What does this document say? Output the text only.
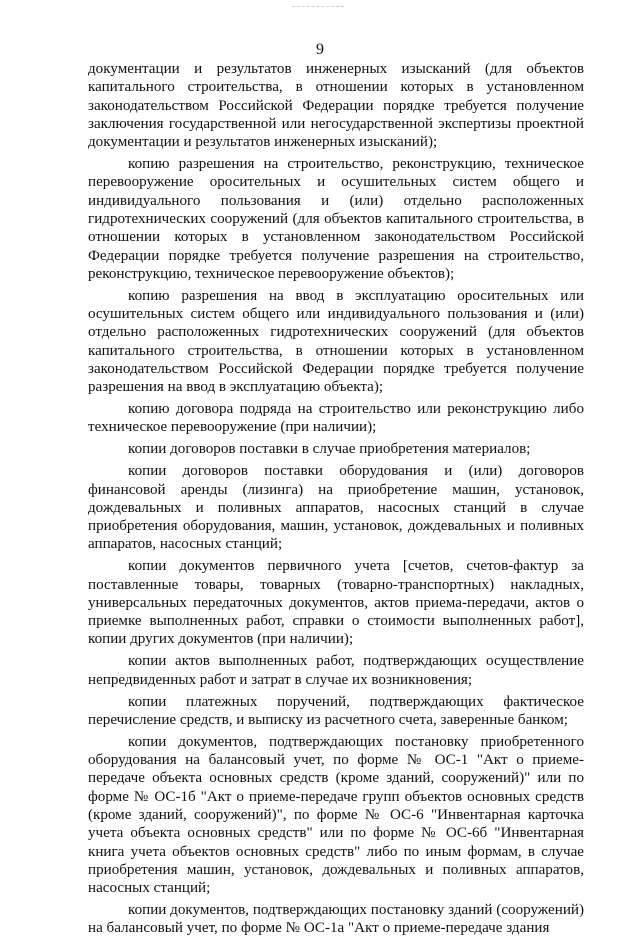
9

документации и результатов инженерных изысканий (для объектов капитального строительства, в отношении которых в установленном законодательством Российской Федерации порядке требуется получение заключения государственной или негосударственной экспертизы проектной документации и результатов инженерных изысканий);

копию разрешения на строительство, реконструкцию, техническое перевооружение оросительных и осушительных систем общего и индивидуального пользования и (или) отдельно расположенных гидротехнических сооружений (для объектов капитального строительства, в отношении которых в установленном законодательством Российской Федерации порядке требуется получение разрешения на строительство, реконструкцию, техническое перевооружение объектов);

копию разрешения на ввод в эксплуатацию оросительных или осушительных систем общего или индивидуального пользования и (или) отдельно расположенных гидротехнических сооружений (для объектов капитального строительства, в отношении которых в установленном законодательством Российской Федерации порядке требуется получение разрешения на ввод в эксплуатацию объекта);

копию договора подряда на строительство или реконструкцию либо техническое перевооружение (при наличии);

копии договоров поставки в случае приобретения материалов;

копии договоров поставки оборудования и (или) договоров финансовой аренды (лизинга) на приобретение машин, установок, дождевальных и поливных аппаратов, насосных станций в случае приобретения оборудования, машин, установок, дождевальных и поливных аппаратов, насосных станций;

копии документов первичного учета [счетов, счетов-фактур за поставленные товары, товарных (товарно-транспортных) накладных, универсальных передаточных документов, актов приема-передачи, актов о приемке выполненных работ, справки о стоимости выполненных работ], копии других документов (при наличии);

копии актов выполненных работ, подтверждающих осуществление непредвиденных работ и затрат в случае их возникновения;

копии платежных поручений, подтверждающих фактическое перечисление средств, и выписку из расчетного счета, заверенные банком;

копии документов, подтверждающих постановку приобретенного оборудования на балансовый учет, по форме № ОС-1 "Акт о приеме-передаче объекта основных средств (кроме зданий, сооружений)" или по форме № ОС-1б "Акт о приеме-передаче групп объектов основных средств (кроме зданий, сооружений)", по форме № ОС-6 "Инвентарная карточка учета объекта основных средств" или по форме № ОС-6б "Инвентарная книга учета объектов основных средств" либо по иным формам, в случае приобретения машин, установок, дождевальных и поливных аппаратов, насосных станций;

копии документов, подтверждающих постановку зданий (сооружений) на балансовый учет, по форме № ОС-1а "Акт о приеме-передаче здания
